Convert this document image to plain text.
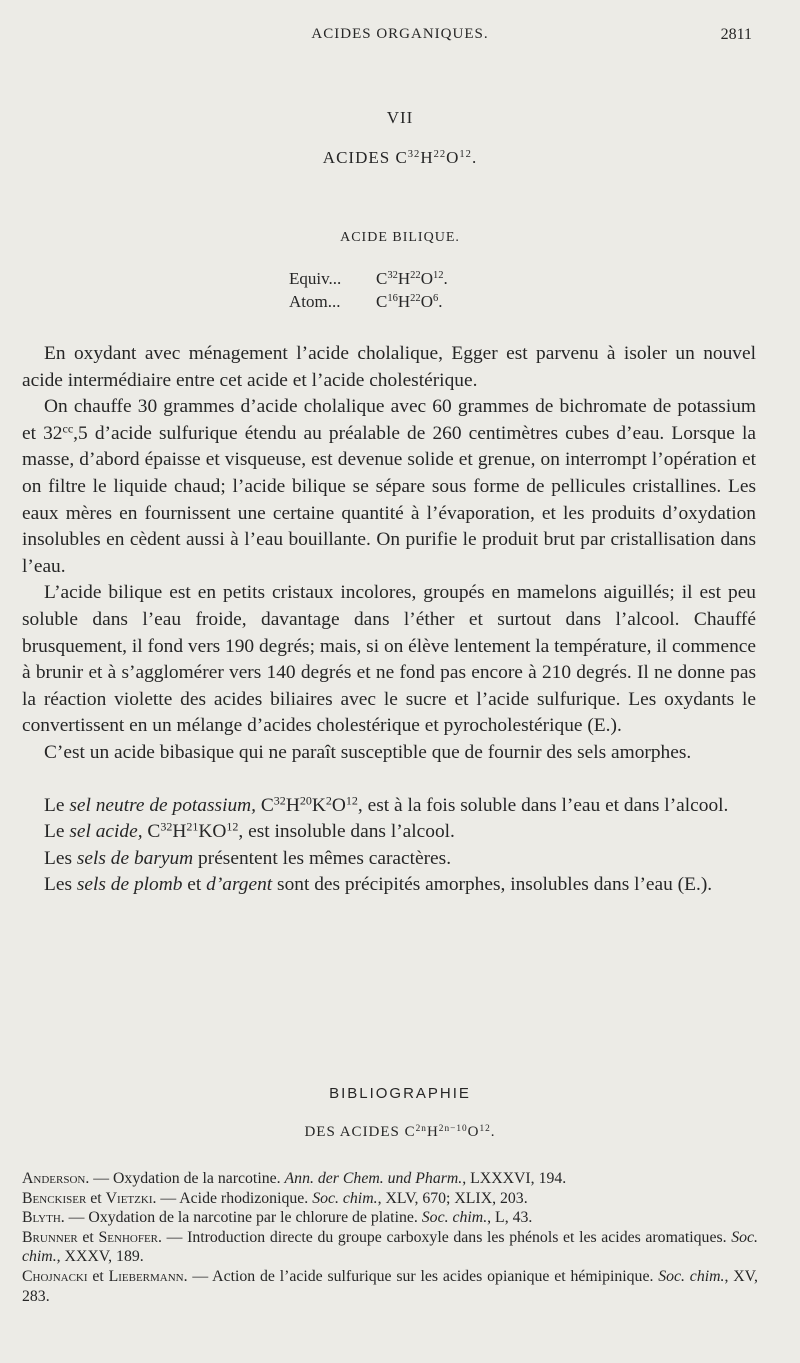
ACIDES ORGANIQUES.	2811
VII
ACIDES $C^{32}H^{22}O^{12}$.
ACIDE BILIQUE.
Equiv... $C^{32}H^{22}O^{12}$.
Atom... $C^{16}H^{22}O^6$.

En oxydant avec ménagement l’acide cholalique, Egger est parvenu à isoler un nouvel acide intermédiaire entre cet acide et l’acide cholestérique.

On chauffe 30 grammes d’acide cholalique avec 60 grammes de bichromate de potassium et $32^{cc},5$ d’acide sulfurique étendu au préalable de 260 centimètres cubes d’eau. Lorsque la masse, d’abord épaisse et visqueuse, est devenue solide et grenue, on interrompt l’opération et on filtre le liquide chaud; l’acide bilique se sépare sous forme de pellicules cristallines. Les eaux mères en fournissent une certaine quantité à l’évaporation, et les produits d’oxydation insolubles en cèdent aussi à l’eau bouillante. On purifie le produit brut par cristallisation dans l’eau.

L’acide bilique est en petits cristaux incolores, groupés en mamelons aiguillés; il est peu soluble dans l’eau froide, davantage dans l’éther et surtout dans l’alcool. Chauffé brusquement, il fond vers 190 degrés; mais, si on élève lentement la température, il commence à brunir et à s’agglomérer vers 140 degrés et ne fond pas encore à 210 degrés. Il ne donne pas la réaction violette des acides biliaires avec le sucre et l’acide sulfurique. Les oxydants le convertissent en un mélange d’acides cholestérique et pyrocholestérique (E.).

C’est un acide bibasique qui ne paraît susceptible que de fournir des sels amorphes.

Le sel neutre de potassium, $C^{32}H^{20}K^2O^{12}$, est à la fois soluble dans l’eau et dans l’alcool.

Le sel acide, $C^{32}H^{21}KO^{12}$, est insoluble dans l’alcool.

Les sels de baryum présentent les mêmes caractères.

Les sels de plomb et d’argent sont des précipités amorphes, insolubles dans l’eau (E.).

BIBLIOGRAPHIE
DES ACIDES $C^{2n}H^{2n-10}O^{12}$.

Anderson. — Oxydation de la narcotine. Ann. der Chem. und Pharm., LXXXVI, 194.

Benckiser et Vietzki. — Acide rhodizonique. Soc. chim., XLV, 670; XLIX, 203.

Blyth. — Oxydation de la narcotine par le chlorure de platine. Soc. chim., L, 43.

Brunner et Senhofer. — Introduction directe du groupe carboxyle dans les phénols et les acides aromatiques. Soc. chim., XXXV, 189.

Chojnacki et Liebermann. — Action de l’acide sulfurique sur les acides opianique et hémipinique. Soc. chim., XV, 283.
